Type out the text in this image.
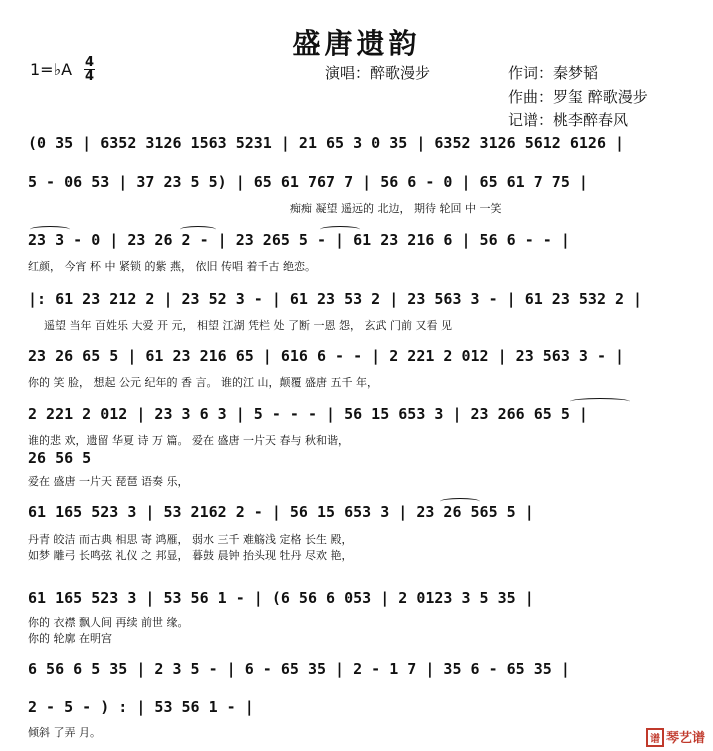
盛唐遗韵
1=♭A 4
4	演唱：醉歌漫步	作词：秦梦韬
作曲：罗玺 醉歌漫步
记谱：桃李醉春风
(0 35 | 6352 3126 1563 5231 | 21 65 3 0 35 | 6352 3126 5612 6126 |
5 - 06 53 | 37 23 5 5) | 65 61 767 7 | 56 6 - 0 | 65 61 7 75 |
痴痴 凝望 遥远的 北边， 期待 轮回 中 一笑
23 3 - 0 | 23 26 2 - | 23 265 5 - | 61 23 216 6 | 56 6 - - |
红颜， 今宵 杯 中 紧锁 的紫 燕， 依旧 传唱 着千古 绝恋。
|: 61 23 212 2 | 23 52 3 - | 61 23 53 2 | 23 563 3 - | 61 23 532 2 |
遥望 当年 百姓乐 大爱 开 元， 相望 江湖 凭栏 处 了断 一恩 怨， 玄武 门前 又看 见
23 26 65 5 | 61 23 216 65 | 616 6 - - | 2 221 2 012 | 23 563 3 - |
你的 笑 脸， 想起 公元 纪年的 香 言。 谁的江 山，颠覆 盛唐 五千 年，
2 221 2 012 | 23 3 6 3 | 5 - - - | 56 15 653 3 | 23 266 65 5 |
谁的悲 欢，遗留 华夏 诗 万 篇。 爱在 盛唐 一片天 春与 秋和谐，
26 56 5
爱在 盛唐 一片天 琵琶 语奏 乐，
61 165 523 3 | 53 2162 2 - | 56 15 653 3 | 23 26 565 5 |
丹青 皎洁 而古典 相思 寄 鸿雁， 弱水 三千 难觞浅 定格 长生 殿，
如梦 雕弓 长鸣弦 礼仪 之 邦显， 暮鼓 晨钟 抬头现 牡丹 尽欢 艳，
61 165 523 3 | 53 56 1 - | (6 56 6 053 | 2 0123 3 5 35 |
你的 衣襟 飘人间 再续 前世 缘。
你的 轮廓 在明宫
6 56 6 5 35 | 2 3 5 - | 6 - 65 35 | 2 - 1 7 | 35 6 - 65 35 |
2 - 5 - ) : | 53 56 1 - |
倾斜 了弄 月。
谱 琴艺谱
